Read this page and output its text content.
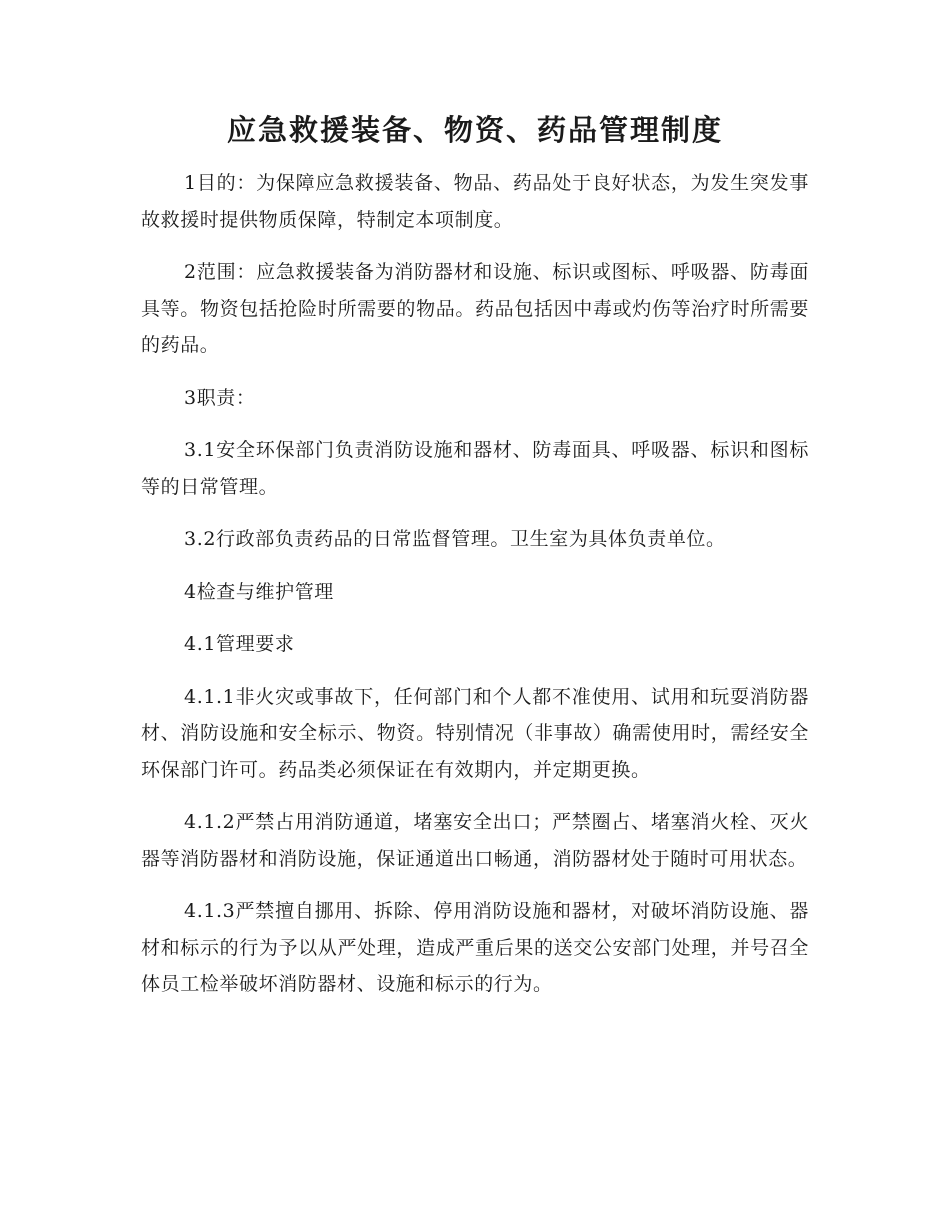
应急救援装备、物资、药品管理制度

1目的：为保障应急救援装备、物品、药品处于良好状态，为发生突发事故救援时提供物质保障，特制定本项制度。

2范围：应急救援装备为消防器材和设施、标识或图标、呼吸器、防毒面具等。物资包括抢险时所需要的物品。药品包括因中毒或灼伤等治疗时所需要的药品。

3职责：

3.1安全环保部门负责消防设施和器材、防毒面具、呼吸器、标识和图标等的日常管理。

3.2行政部负责药品的日常监督管理。卫生室为具体负责单位。

4检查与维护管理

4.1管理要求

4.1.1非火灾或事故下，任何部门和个人都不准使用、试用和玩耍消防器材、消防设施和安全标示、物资。特别情况（非事故）确需使用时，需经安全环保部门许可。药品类必须保证在有效期内，并定期更换。

4.1.2严禁占用消防通道，堵塞安全出口；严禁圈占、堵塞消火栓、灭火器等消防器材和消防设施，保证通道出口畅通，消防器材处于随时可用状态。

4.1.3严禁擅自挪用、拆除、停用消防设施和器材，对破坏消防设施、器材和标示的行为予以从严处理，造成严重后果的送交公安部门处理，并号召全体员工检举破坏消防器材、设施和标示的行为。
